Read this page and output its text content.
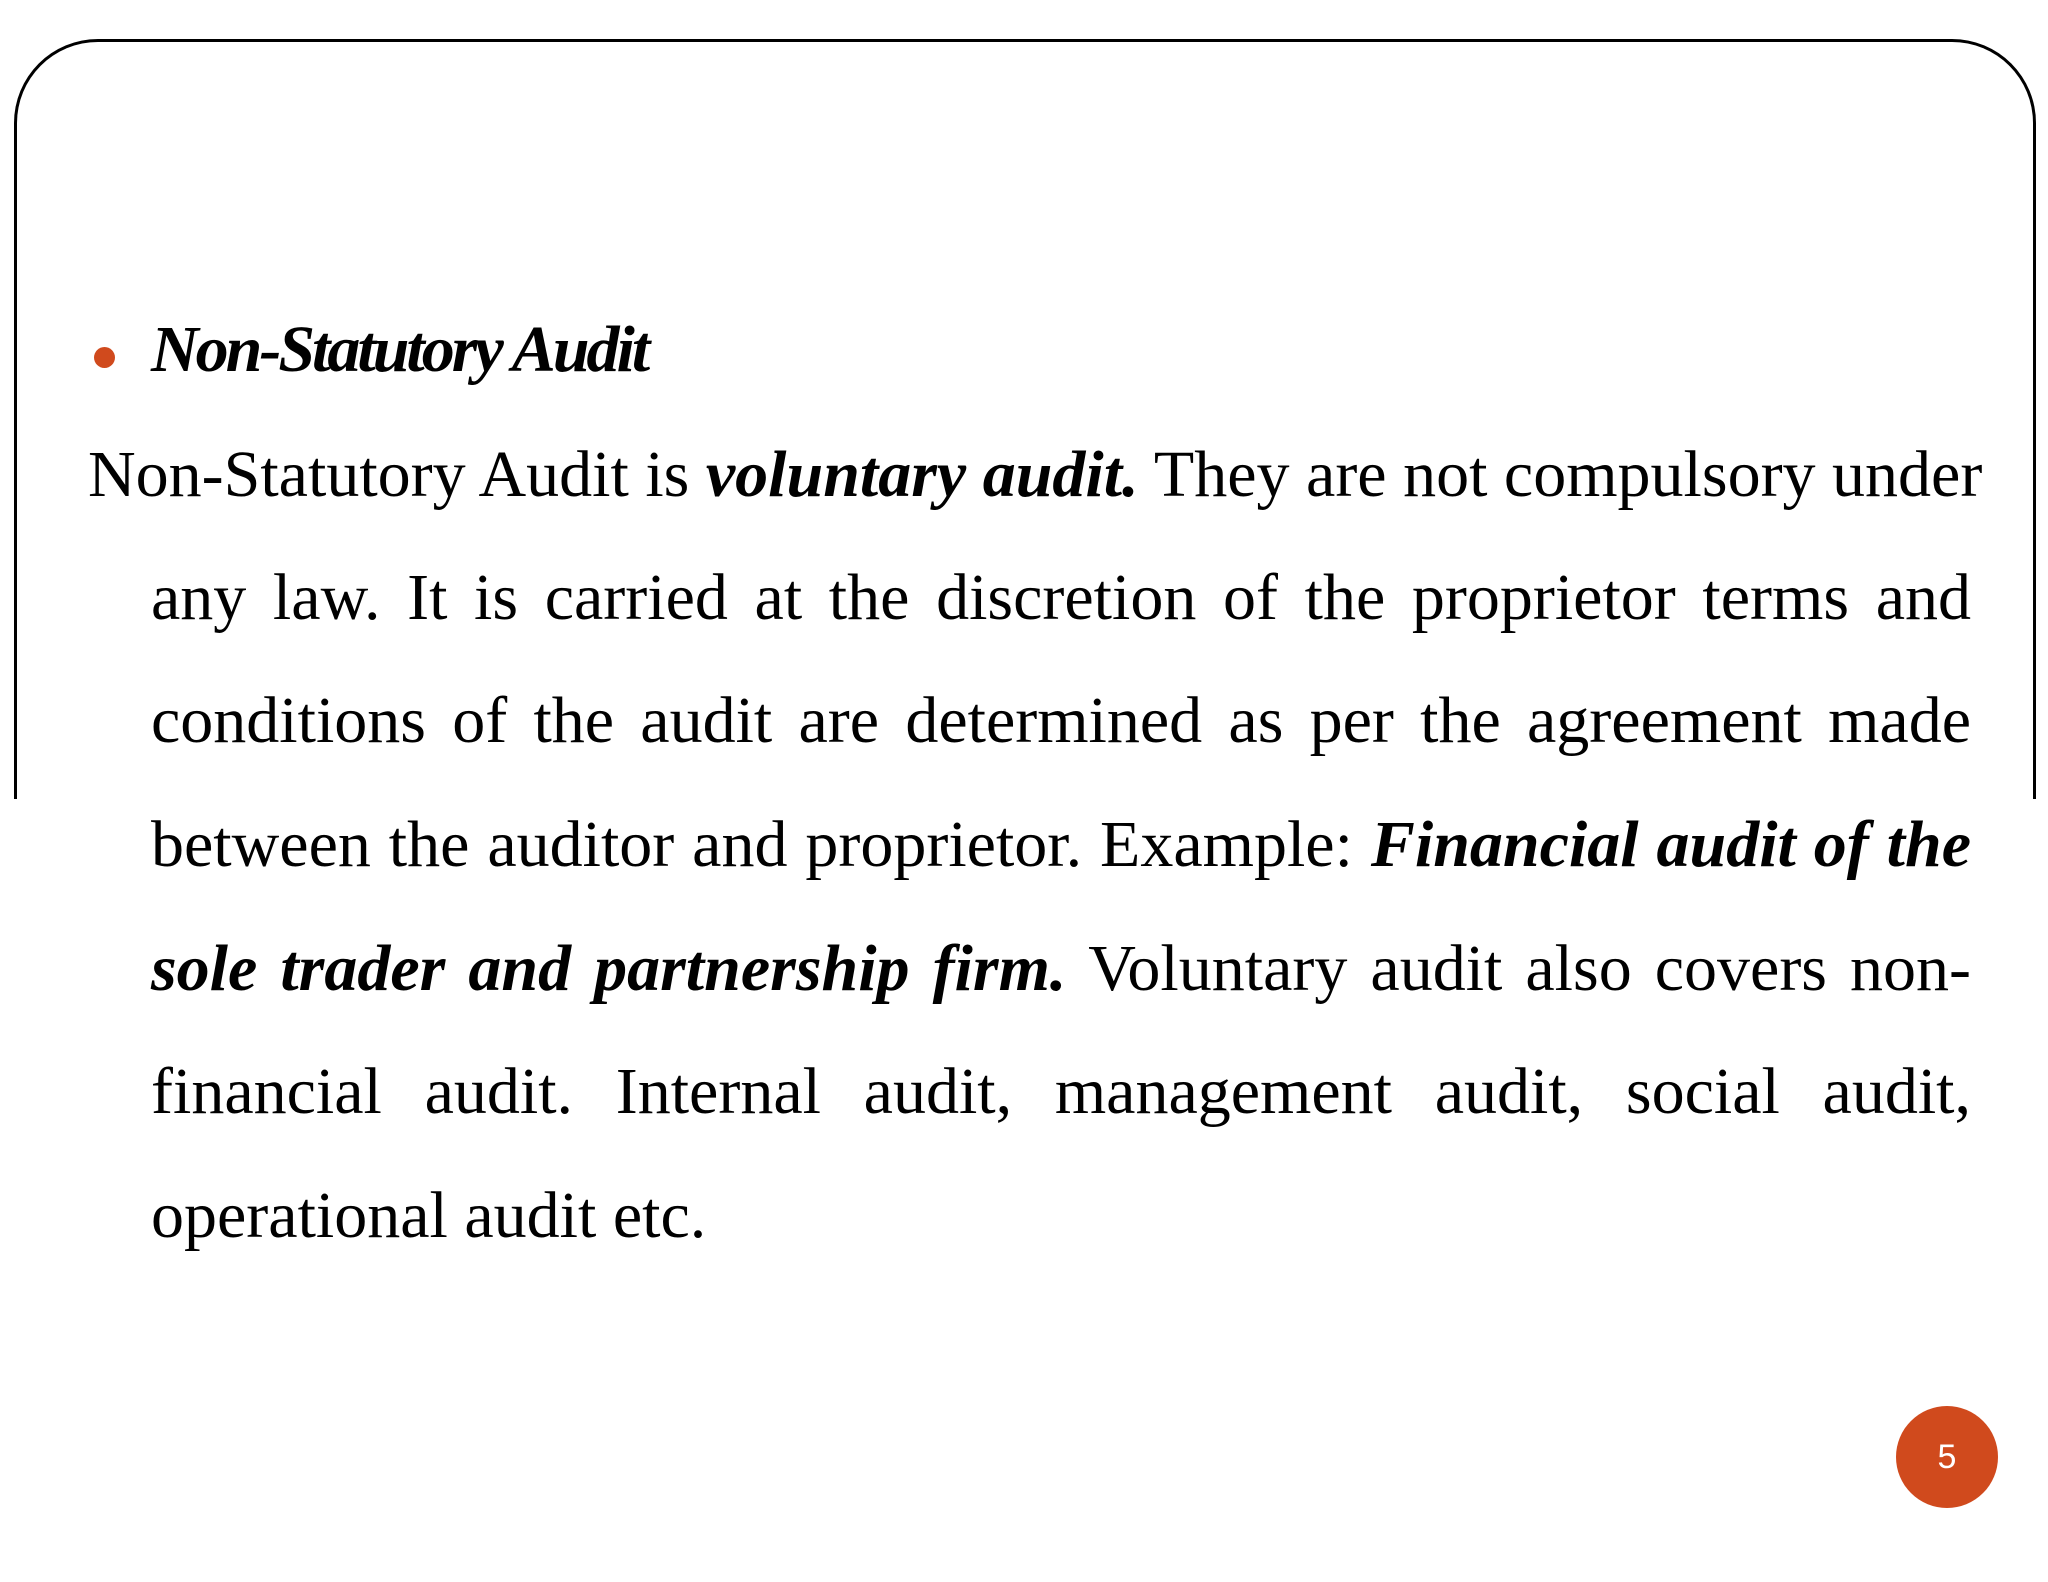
Non-Statutory Audit
Non-Statutory Audit is voluntary audit. They are not compulsory under
any law. It is carried at the discretion of the proprietor terms and
conditions of the audit are determined as per the agreement made
between the auditor and proprietor. Example: Financial audit of the
sole trader and partnership firm. Voluntary audit also covers non-
financial audit. Internal audit, management audit, social audit,
operational audit etc.
5
